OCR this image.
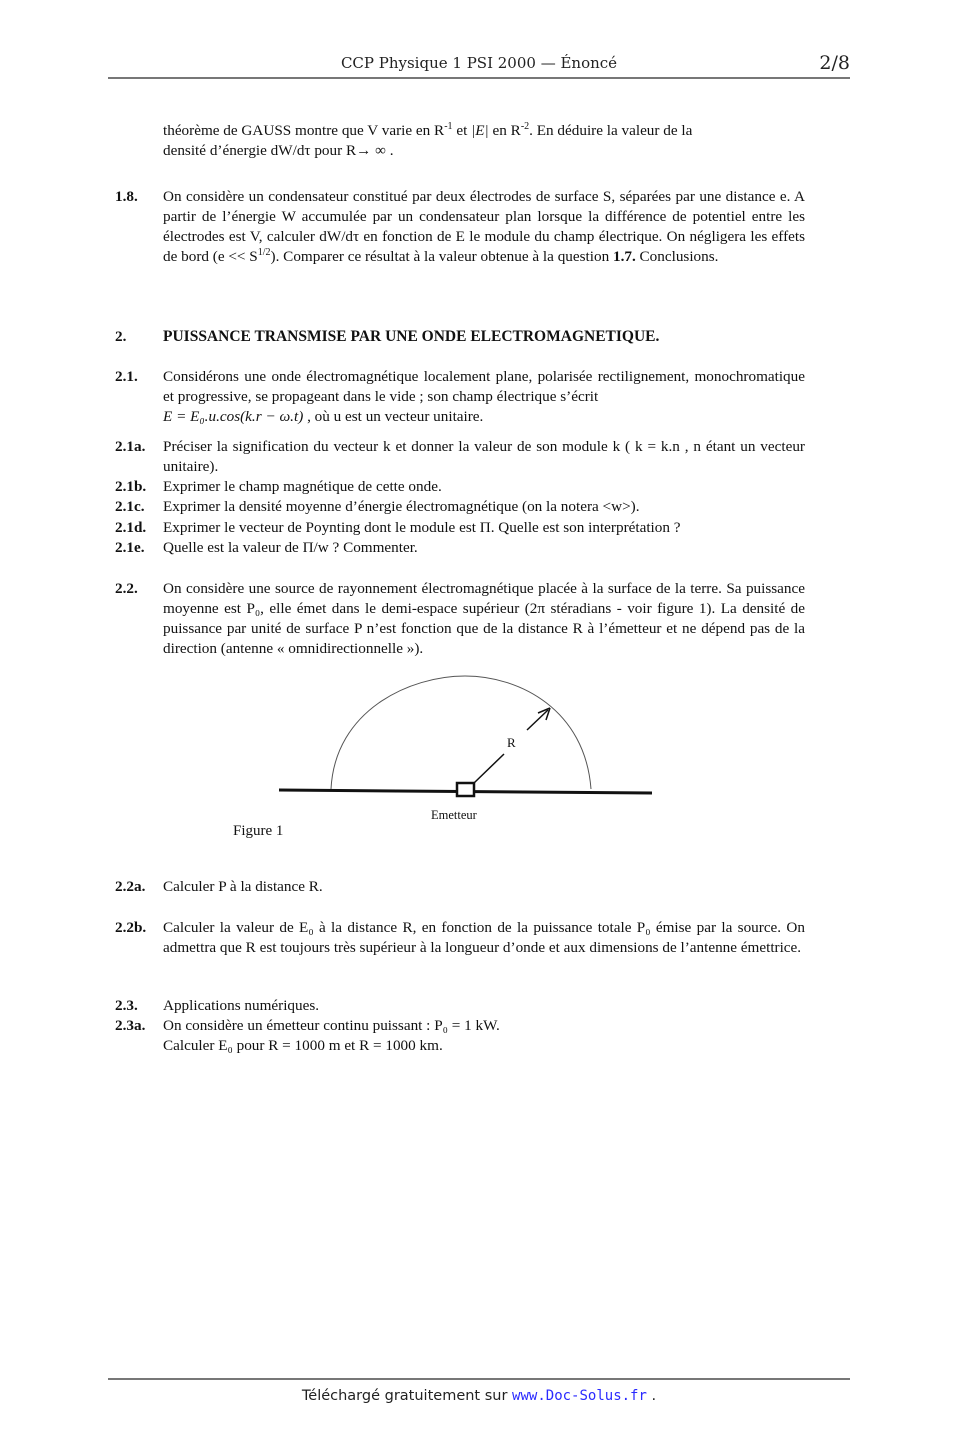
CCP Physique 1 PSI 2000 — Énoncé	2/8

théorème de GAUSS montre que V varie en $R^{-1}$ et |E| en $R^{-2}$. En déduire la valeur de la

densité d’énergie dW/dτ pour R→ ∞ .

1.8. On considère un condensateur constitué par deux électrodes de surface S, séparées par une distance e. A partir de l’énergie W accumulée par un condensateur plan lorsque la différence de potentiel entre les électrodes est V, calculer dW/dτ en fonction de E le module du champ électrique. On négligera les effets de bord $(e << S^{1/2})$. Comparer ce résultat à la valeur obtenue à la question 1.7. Conclusions.

2. PUISSANCE TRANSMISE PAR UNE ONDE ELECTROMAGNETIQUE.
2.1. Considérons une onde électromagnétique localement plane, polarisée rectilignement, monochromatique et progressive, se propageant dans le vide ; son champ électrique s’écrit

E = E₀.u.cos(k.r − ω.t) , où u est un vecteur unitaire.

2.1a. Préciser la signification du vecteur k et donner la valeur de son module k ( k = k.n , n étant un vecteur unitaire).

2.1b. Exprimer le champ magnétique de cette onde.

2.1c. Exprimer la densité moyenne d’énergie électromagnétique (on la notera <w>).

2.1d. Exprimer le vecteur de Poynting dont le module est Π. Quelle est son interprétation ?

2.1e. Quelle est la valeur de Π/w ? Commenter.

2.2. On considère une source de rayonnement électromagnétique placée à la surface de la terre. Sa puissance moyenne est P₀, elle émet dans le demi-espace supérieur (2π stéradians - voir figure 1). La densité de puissance par unité de surface P n’est fonction que de la distance R à l’émetteur et ne dépend pas de la direction (antenne « omnidirectionnelle »).

2.2a. Calculer P à la distance R.

2.2b. Calculer la valeur de E₀ à la distance R, en fonction de la puissance totale P₀ émise par la source. On admettra que R est toujours très supérieur à la longueur d’onde et aux dimensions de l’antenne émettrice.

2.3. Applications numériques.

2.3a. On considère un émetteur continu puissant : P₀ = 1 kW.

Calculer E₀ pour R = 1000 m et R = 1000 km.

R
Emetteur
Figure 1
Téléchargé gratuitement sur www.Doc-Solus.fr .
